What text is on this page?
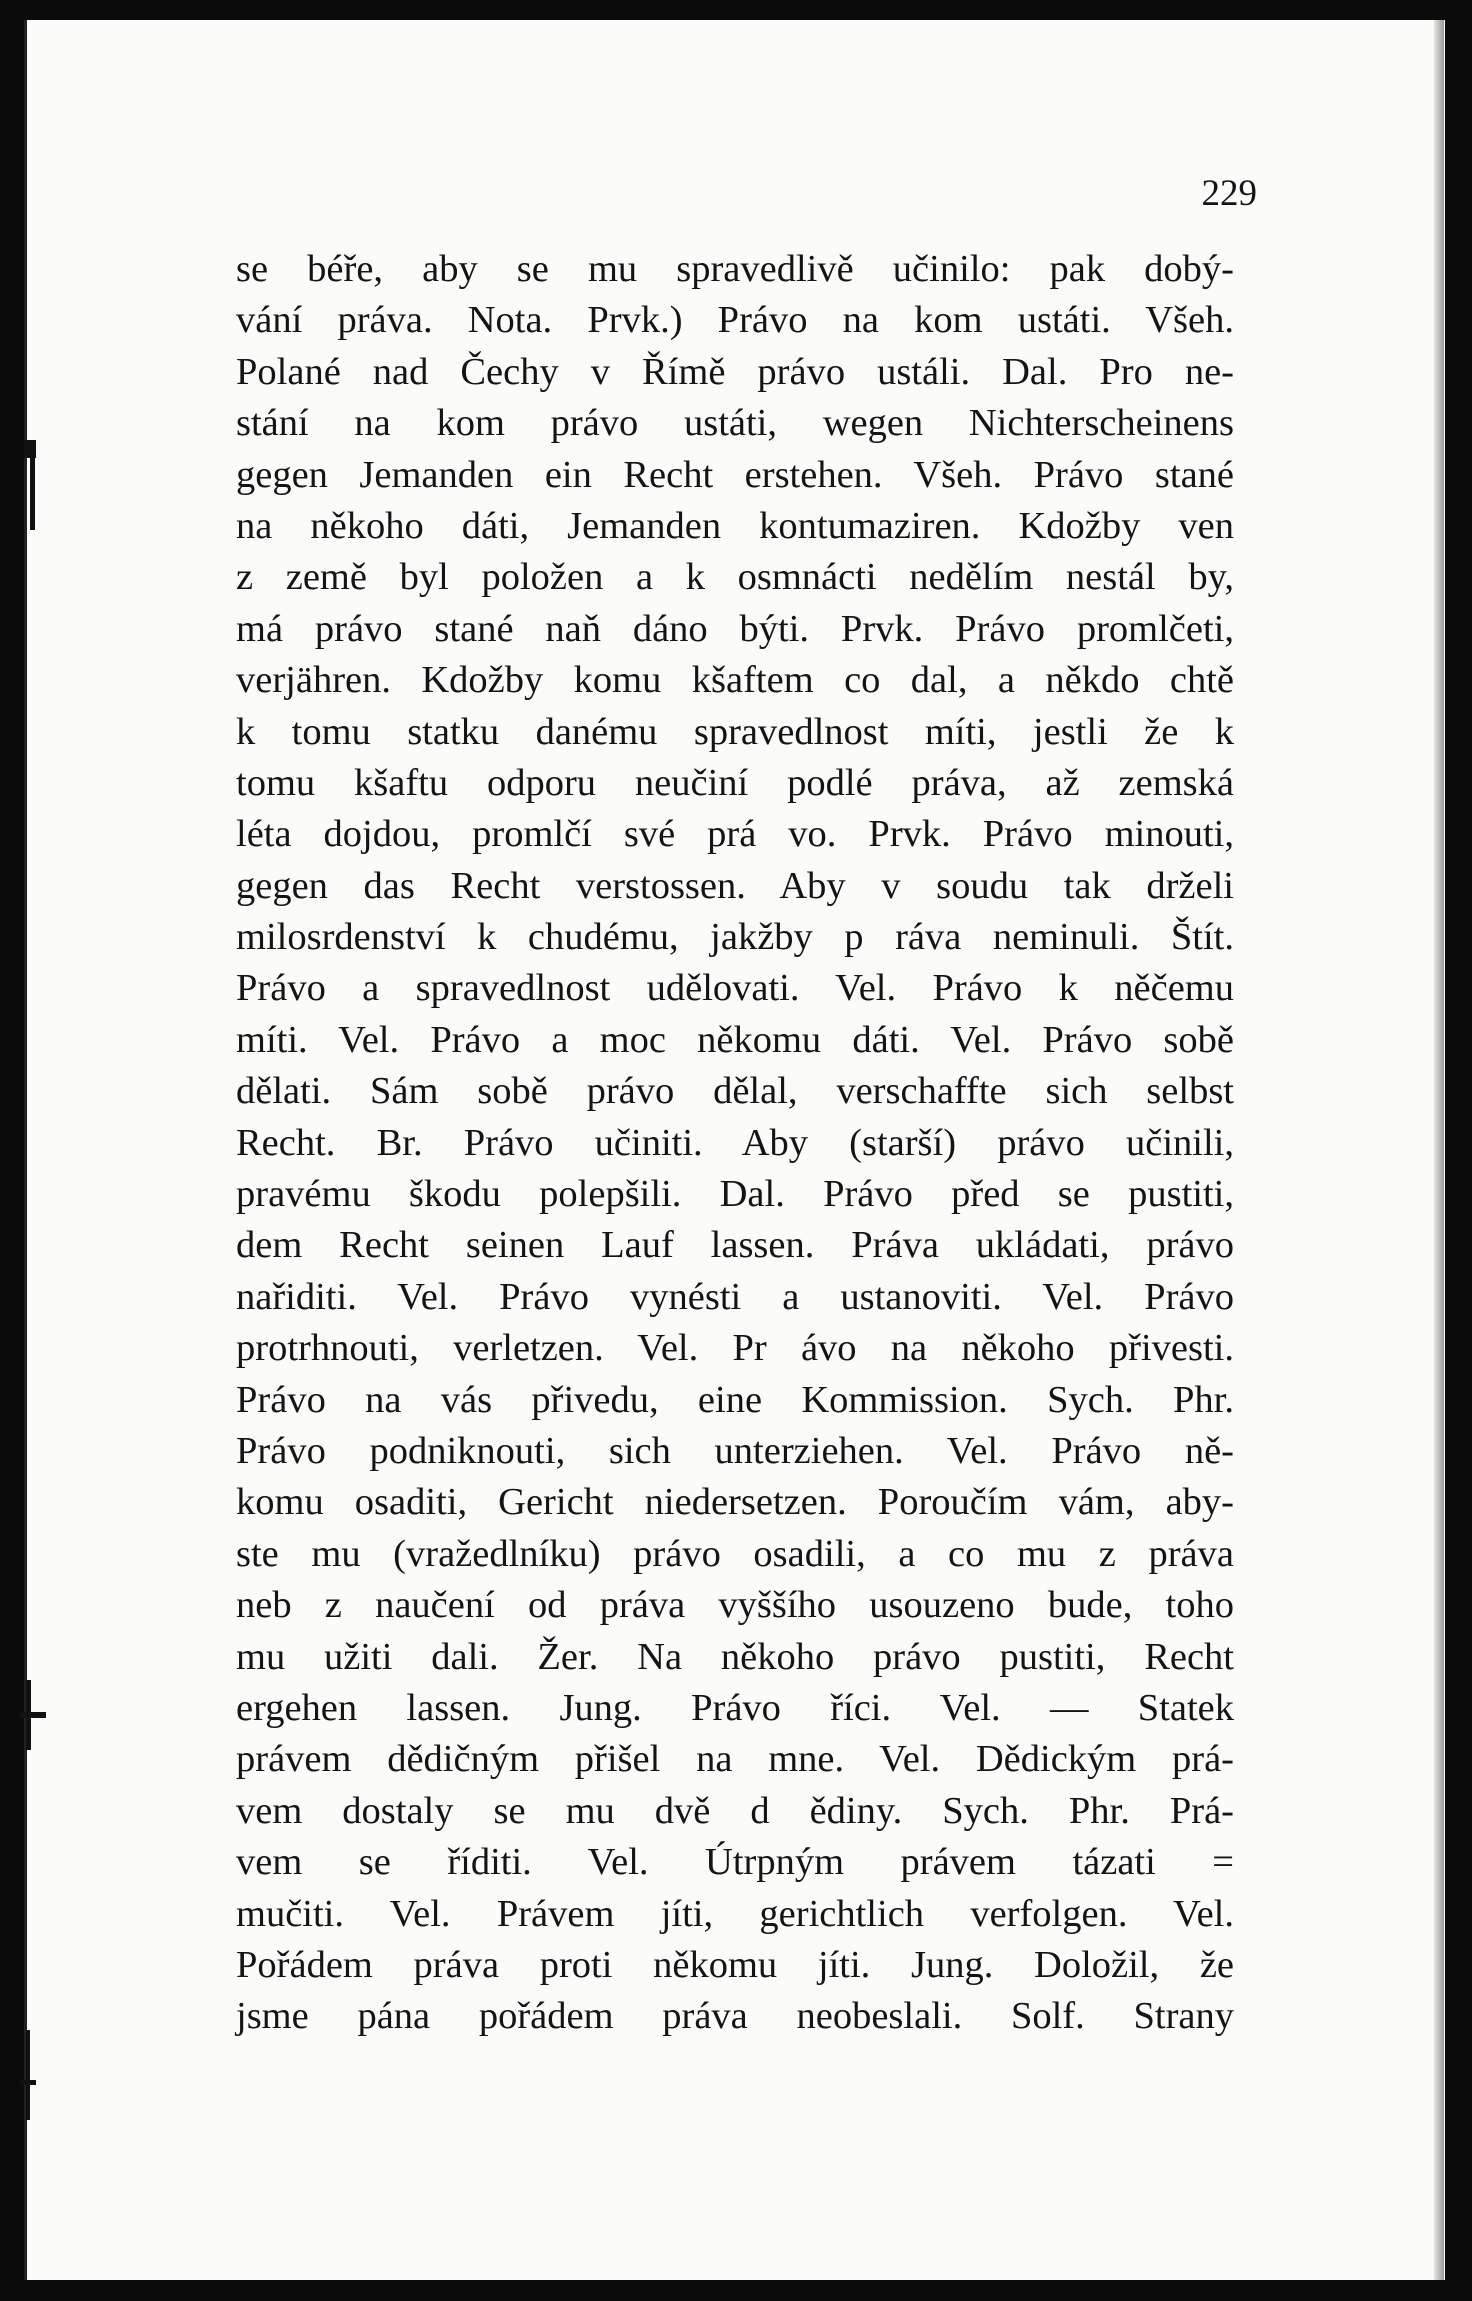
229
se béře, aby se mu spravedlivě učinilo: pak dobý-
vání práva. Nota. Prvk.) Právo na kom ustáti. Všeh.
Polané nad Čechy v Římě právo ustáli. Dal. Pro ne-
stání na kom právo ustáti, wegen Nichterscheinens
gegen Jemanden ein Recht erstehen. Všeh. Právo stané
na někoho dáti, Jemanden kontumaziren. Kdožby ven
z země byl položen a k osmnácti nedělím nestál by,
má právo stané naň dáno býti. Prvk. Právo promlčeti,
verjähren. Kdožby komu kšaftem co dal, a někdo chtě
k tomu statku danému spravedlnost míti, jestli že k
tomu kšaftu odporu neučiní podlé práva, až zemská
léta dojdou, promlčí své prá vo. Prvk. Právo minouti,
gegen das Recht verstossen. Aby v soudu tak drželi
milosrdenství k chudému, jakžby p ráva neminuli. Štít.
Právo a spravedlnost udělovati. Vel. Právo k něčemu
míti. Vel. Právo a moc někomu dáti. Vel. Právo sobě
dělati. Sám sobě právo dělal, verschaffte sich selbst
Recht. Br. Právo učiniti. Aby (starší) právo učinili,
pravému škodu polepšili. Dal. Právo před se pustiti,
dem Recht seinen Lauf lassen. Práva ukládati, právo
nařiditi. Vel. Právo vynésti a ustanoviti. Vel. Právo
protrhnouti, verletzen. Vel. Pr ávo na někoho přivesti.
Právo na vás přivedu, eine Kommission. Sych. Phr.
Právo podniknouti, sich unterziehen. Vel. Právo ně-
komu osaditi, Gericht niedersetzen. Poroučím vám, aby-
ste mu (vražedlníku) právo osadili, a co mu z práva
neb z naučení od práva vyššího usouzeno bude, toho
mu užiti dali. Žer. Na někoho právo pustiti, Recht
ergehen lassen. Jung. Právo říci. Vel. — Statek
právem dědičným přišel na mne. Vel. Dědickým prá-
vem dostaly se mu dvě d ědiny. Sych. Phr. Prá-
vem se říditi. Vel. Útrpným právem tázati =
mučiti. Vel. Právem jíti, gerichtlich verfolgen. Vel.
Pořádem práva proti někomu jíti. Jung. Doložil, že
jsme pána pořádem práva neobeslali. Solf. Strany
